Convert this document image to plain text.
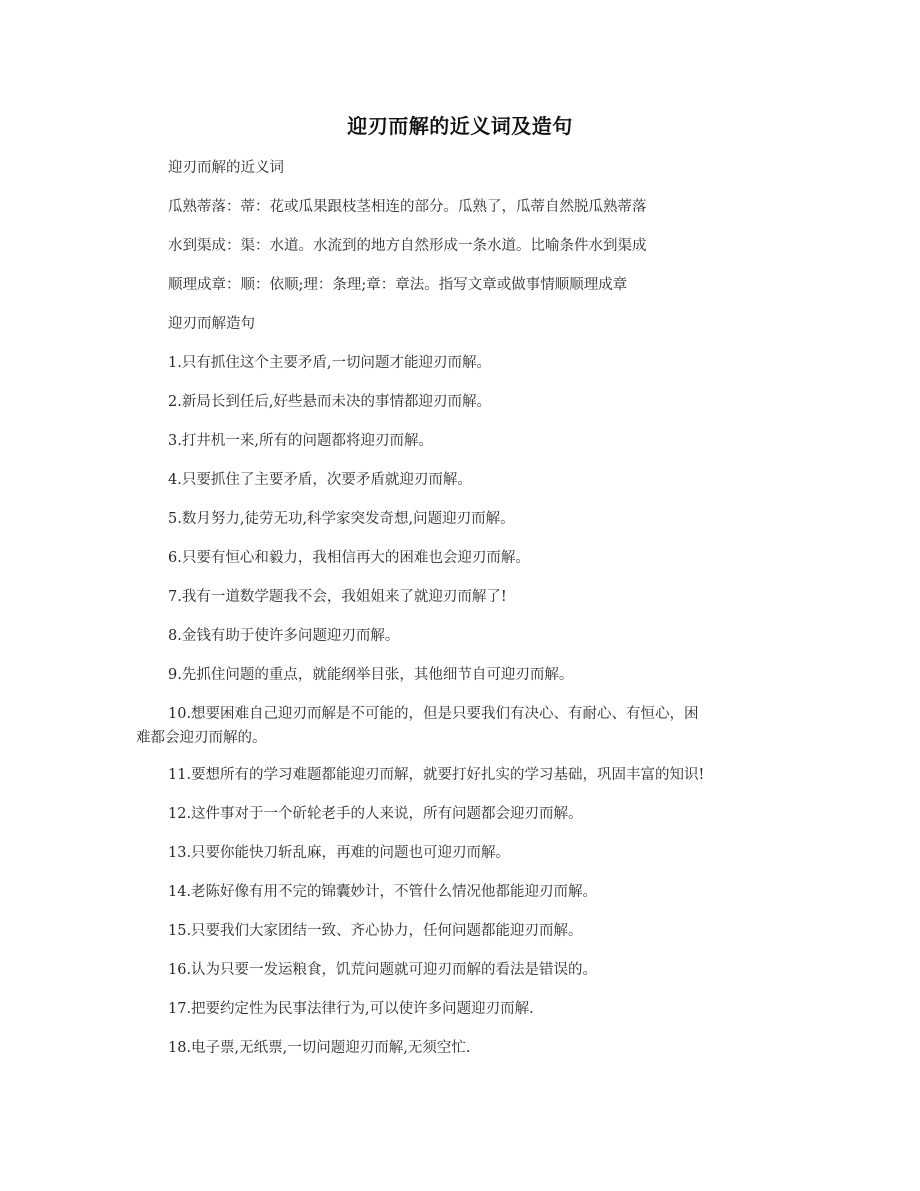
迎刃而解的近义词及造句
迎刃而解的近义词
瓜熟蒂落：蒂：花或瓜果跟枝茎相连的部分。瓜熟了，瓜蒂自然脱瓜熟蒂落
水到渠成：渠：水道。水流到的地方自然形成一条水道。比喻条件水到渠成
顺理成章：顺：依顺;理：条理;章：章法。指写文章或做事情顺顺理成章
迎刃而解造句
1.只有抓住这个主要矛盾,一切问题才能迎刃而解。
2.新局长到任后,好些悬而未决的事情都迎刃而解。
3.打井机一来,所有的问题都将迎刃而解。
4.只要抓住了主要矛盾，次要矛盾就迎刃而解。
5.数月努力,徒劳无功,科学家突发奇想,问题迎刃而解。
6.只要有恒心和毅力，我相信再大的困难也会迎刃而解。
7.我有一道数学题我不会，我姐姐来了就迎刃而解了!
8.金钱有助于使许多问题迎刃而解。
9.先抓住问题的重点，就能纲举目张，其他细节自可迎刃而解。
10.想要困难自己迎刃而解是不可能的，但是只要我们有决心、有耐心、有恒心，困
难都会迎刃而解的。
11.要想所有的学习难题都能迎刃而解，就要打好扎实的学习基础，巩固丰富的知识!
12.这件事对于一个斫轮老手的人来说，所有问题都会迎刃而解。
13.只要你能快刀斩乱麻，再难的问题也可迎刃而解。
14.老陈好像有用不完的锦囊妙计，不管什么情况他都能迎刃而解。
15.只要我们大家团结一致、齐心协力，任何问题都能迎刃而解。
16.认为只要一发运粮食，饥荒问题就可迎刃而解的看法是错误的。
17.把要约定性为民事法律行为,可以使许多问题迎刃而解.
18.电子票,无纸票,一切问题迎刃而解,无须空忙.
